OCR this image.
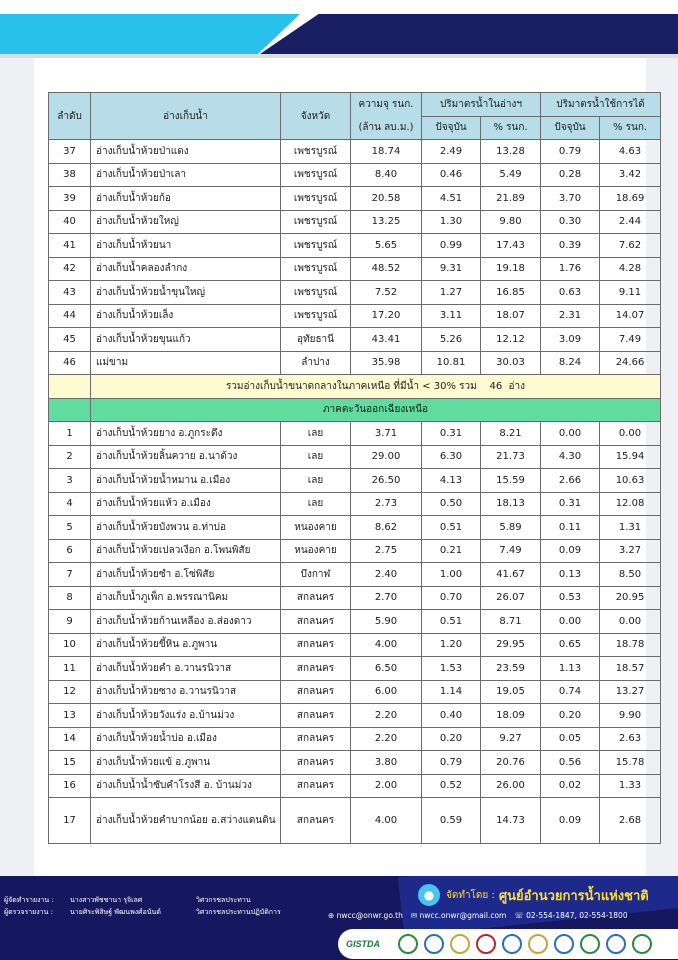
ลำดับ	อ่างเก็บน้ำ	จังหวัด	ความจุ รนก.	ปริมาตรน้ำในอ่างฯ		ปริมาตรน้ำใช้การได้	
			(ล้าน ลบ.ม.)	ปัจจุบัน	% รนก.	ปัจจุบัน	% รนก.
37	อ่างเก็บน้ำห้วยป่าแดง	เพชรบูรณ์	18.74	2.49	13.28	0.79	4.63
38	อ่างเก็บน้ำห้วยป่าเลา	เพชรบูรณ์	8.40	0.46	5.49	0.28	3.42
39	อ่างเก็บน้ำห้วยก้อ	เพชรบูรณ์	20.58	4.51	21.89	3.70	18.69
40	อ่างเก็บน้ำห้วยใหญ่	เพชรบูรณ์	13.25	1.30	9.80	0.30	2.44
41	อ่างเก็บน้ำห้วยนา	เพชรบูรณ์	5.65	0.99	17.43	0.39	7.62
42	อ่างเก็บน้ำคลองลำกง	เพชรบูรณ์	48.52	9.31	19.18	1.76	4.28
43	อ่างเก็บน้ำห้วยน้ำขุนใหญ่	เพชรบูรณ์	7.52	1.27	16.85	0.63	9.11
44	อ่างเก็บน้ำห้วยเล็ง	เพชรบูรณ์	17.20	3.11	18.07	2.31	14.07
45	อ่างเก็บน้ำห้วยขุนแก้ว	อุทัยธานี	43.41	5.26	12.12	3.09	7.49
46	แม่ขาม	ลำปาง	35.98	10.81	30.03	8.24	24.66
	รวมอ่างเก็บน้ำขนาดกลางในภาคเหนือ ที่มีน้ำ < 30% รวม    46  อ่าง						
	ภาคตะวันออกเฉียงเหนือ						
1	อ่างเก็บน้ำห้วยยาง อ.ภูกระดึง	เลย	3.71	0.31	8.21	0.00	0.00
2	อ่างเก็บน้ำห้วยลิ้นควาย อ.นาด้วง	เลย	29.00	6.30	21.73	4.30	15.94
3	อ่างเก็บน้ำห้วยน้ำหมาน อ.เมือง	เลย	26.50	4.13	15.59	2.66	10.63
4	อ่างเก็บน้ำห้วยแห้ว อ.เมือง	เลย	2.73	0.50	18.13	0.31	12.08
5	อ่างเก็บน้ำห้วยบังพวน อ.ท่าบ่อ	หนองคาย	8.62	0.51	5.89	0.11	1.31
6	อ่างเก็บน้ำห้วยเปลวเงือก อ.โพนพิสัย	หนองคาย	2.75	0.21	7.49	0.09	3.27
7	อ่างเก็บน้ำห้วยซำ อ.โซ่พิสัย	บึงกาฬ	2.40	1.00	41.67	0.13	8.50
8	อ่างเก็บน้ำภูเพ็ก อ.พรรณานิคม	สกลนคร	2.70	0.70	26.07	0.53	20.95
9	อ่างเก็บน้ำห้วยก้านเหลือง อ.ส่องดาว	สกลนคร	5.90	0.51	8.71	0.00	0.00
10	อ่างเก็บน้ำห้วยขี้หิน อ.ภูพาน	สกลนคร	4.00	1.20	29.95	0.65	18.78
11	อ่างเก็บน้ำห้วยคำ อ.วานรนิวาส	สกลนคร	6.50	1.53	23.59	1.13	18.57
12	อ่างเก็บน้ำห้วยซาง อ.วานรนิวาส	สกลนคร	6.00	1.14	19.05	0.74	13.27
13	อ่างเก็บน้ำห้วยวังแร่ง อ.บ้านม่วง	สกลนคร	2.20	0.40	18.09	0.20	9.90
14	อ่างเก็บน้ำห้วยน้ำบ่อ อ.เมือง	สกลนคร	2.20	0.20	9.27	0.05	2.63
15	อ่างเก็บน้ำห้วยแข้ อ.ภูพาน	สกลนคร	3.80	0.79	20.76	0.56	15.78
16	อ่างเก็บน้ำน้ำซับคำโรงสี อ. บ้านม่วง	สกลนคร	2.00	0.52	26.00	0.02	1.33
17	อ่างเก็บน้ำห้วยคำบากน้อย อ.สว่างแดนดิน	สกลนคร	4.00	0.59	14.73	0.09	2.68
ผู้จัดทำรายงาน :	นางสาวพัชชานา รุจิเลศ	วิศวกรชลประทาน
ผู้ตรวจรายงาน :	นายศิระพิสิษฐ์ พัฒนพงศ์อนันต์	วิศวกรชลประทานปฏิบัติการ
●	จัดทำโดย : ศูนย์อำนวยการน้ำแห่งชาติ
⊕ nwcc@onwr.go.th ✉ nwcc.onwr@gmail.com ☏ 02-554-1847, 02-554-1800
GISTDA
